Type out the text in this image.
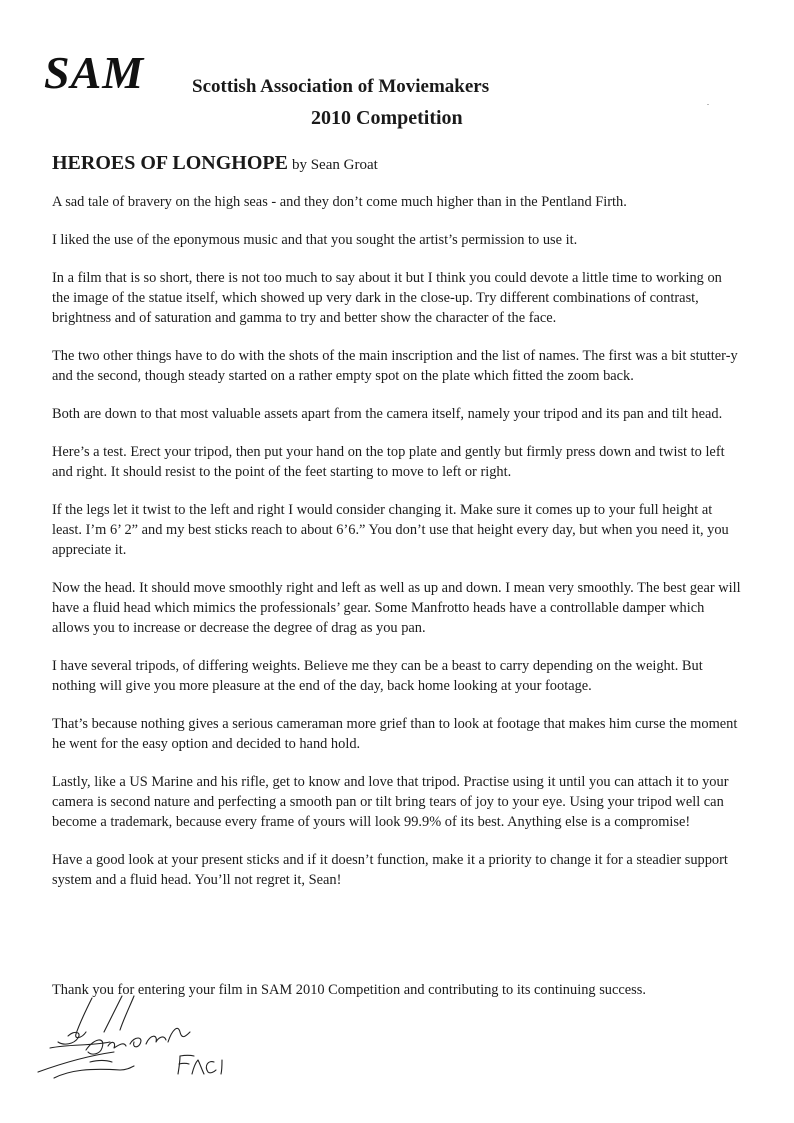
SAM	Scottish Association of Moviemakers
2010 Competition
HEROES OF LONGHOPE by Sean Groat

A sad tale of bravery on the high seas - and they don’t come much higher than in the Pentland Firth.

I liked the use of the eponymous music and that you sought the artist’s permission to use it.

In a film that is so short, there is not too much to say about it but I think you could devote a little time to working on the image of the statue itself, which showed up very dark in the close-up. Try different combinations of contrast, brightness and of saturation and gamma to try and better show the character of the face.

The two other things have to do with the shots of the main inscription and the list of names. The first was a bit stutter-y and the second, though steady started on a rather empty spot on the plate which fitted the zoom back.

Both are down to that most valuable assets apart from the camera itself, namely your tripod and its pan and tilt head.

Here’s a test. Erect your tripod, then put your hand on the top plate and gently but firmly press down and twist to left and right. It should resist to the point of the feet starting to move to left or right.

If the legs let it twist to the left and right I would consider changing it. Make sure it comes up to your full height at least. I’m 6’ 2” and my best sticks reach to about 6’6.” You don’t use that height every day, but when you need it, you appreciate it.

Now the head. It should move smoothly right and left as well as up and down. I mean very smoothly. The best gear will have a fluid head which mimics the professionals’ gear. Some Manfrotto heads have a controllable damper which allows you to increase or decrease the degree of drag as you pan.

I have several tripods, of differing weights. Believe me they can be a beast to carry depending on the weight. But nothing will give you more pleasure at the end of the day, back home looking at your footage.

That’s because nothing gives a serious cameraman more grief than to look at footage that makes him curse the moment he went for the easy option and decided to hand hold.

Lastly, like a US Marine and his rifle, get to know and love that tripod. Practise using it until you can attach it to your camera is second nature and perfecting a smooth pan or tilt bring tears of joy to your eye. Using your tripod well can become a trademark, because every frame of yours will look 99.9% of its best. Anything else is a compromise!

Have a good look at your present sticks and if it doesn’t function, make it a priority to change it for a steadier support system and a fluid head. You’ll not regret it, Sean!

Thank you for entering your film in SAM 2010 Competition and contributing to its continuing success.
